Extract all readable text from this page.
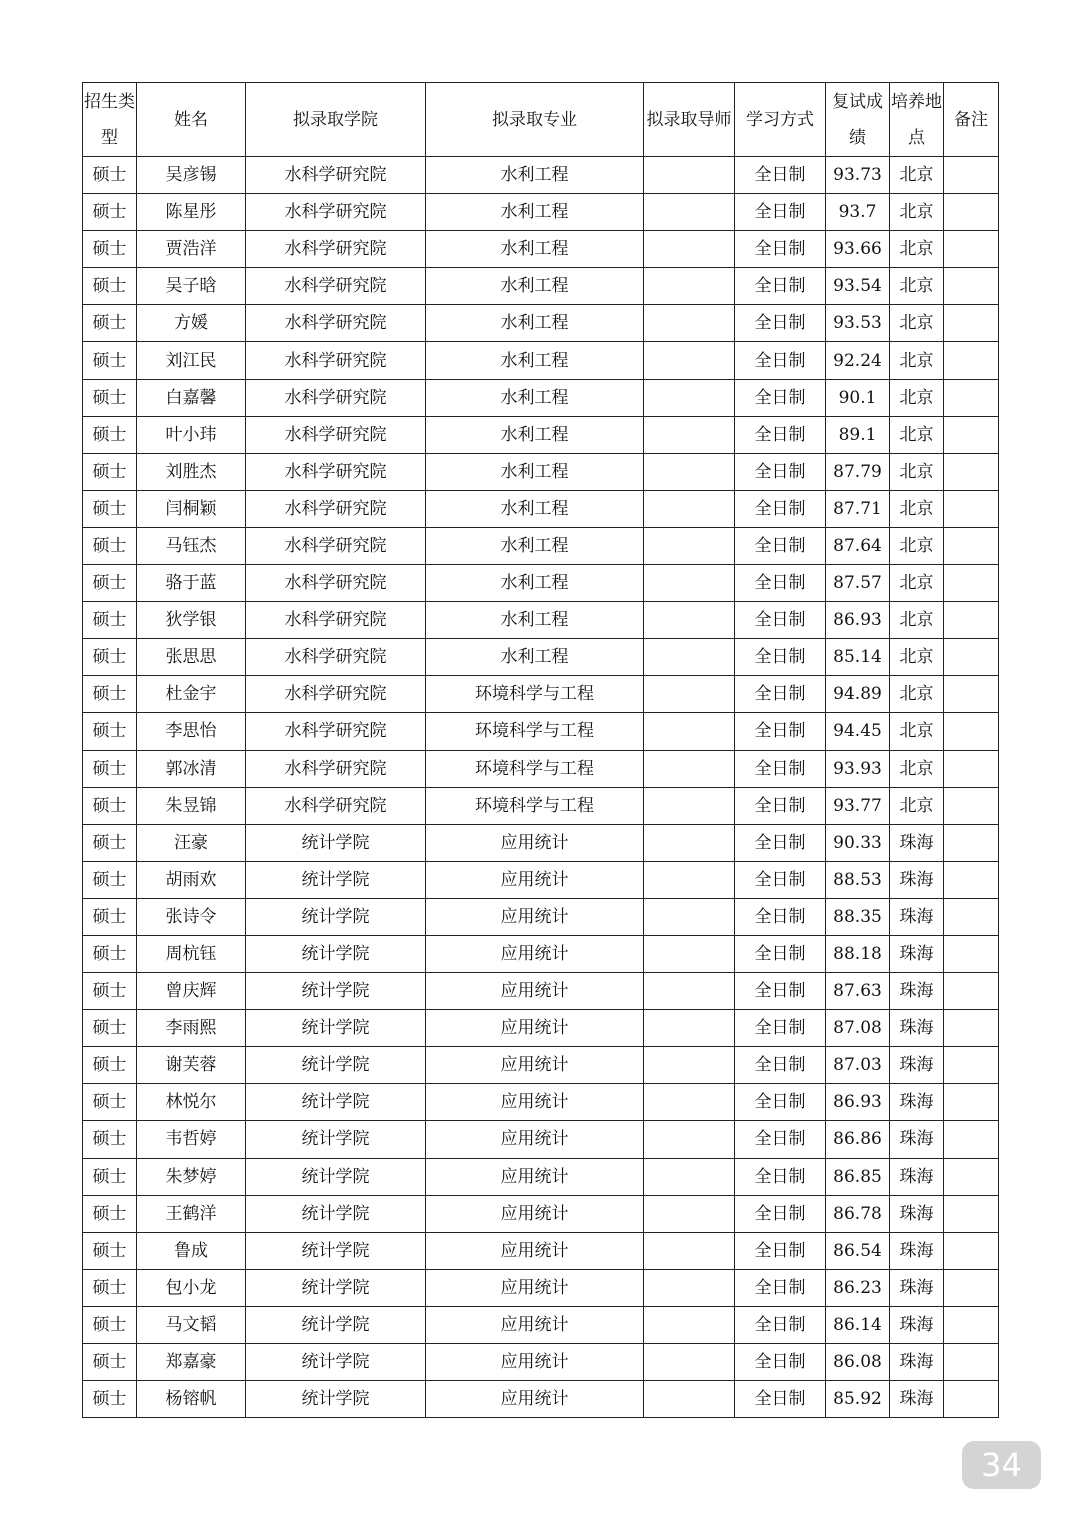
招生类型	姓名	拟录取学院	拟录取专业	拟录取导师	学习方式	复试成绩	培养地点	备注
硕士	吴彦锡	水科学研究院	水利工程		全日制	93.73	北京	
硕士	陈星彤	水科学研究院	水利工程		全日制	93.7	北京	
硕士	贾浩洋	水科学研究院	水利工程		全日制	93.66	北京	
硕士	吴子晗	水科学研究院	水利工程		全日制	93.54	北京	
硕士	方媛	水科学研究院	水利工程		全日制	93.53	北京	
硕士	刘江民	水科学研究院	水利工程		全日制	92.24	北京	
硕士	白嘉馨	水科学研究院	水利工程		全日制	90.1	北京	
硕士	叶小玮	水科学研究院	水利工程		全日制	89.1	北京	
硕士	刘胜杰	水科学研究院	水利工程		全日制	87.79	北京	
硕士	闫桐颖	水科学研究院	水利工程		全日制	87.71	北京	
硕士	马钰杰	水科学研究院	水利工程		全日制	87.64	北京	
硕士	骆于蓝	水科学研究院	水利工程		全日制	87.57	北京	
硕士	狄学银	水科学研究院	水利工程		全日制	86.93	北京	
硕士	张思思	水科学研究院	水利工程		全日制	85.14	北京	
硕士	杜金宇	水科学研究院	环境科学与工程		全日制	94.89	北京	
硕士	李思怡	水科学研究院	环境科学与工程		全日制	94.45	北京	
硕士	郭冰清	水科学研究院	环境科学与工程		全日制	93.93	北京	
硕士	朱昱锦	水科学研究院	环境科学与工程		全日制	93.77	北京	
硕士	汪豪	统计学院	应用统计		全日制	90.33	珠海	
硕士	胡雨欢	统计学院	应用统计		全日制	88.53	珠海	
硕士	张诗令	统计学院	应用统计		全日制	88.35	珠海	
硕士	周杭钰	统计学院	应用统计		全日制	88.18	珠海	
硕士	曾庆辉	统计学院	应用统计		全日制	87.63	珠海	
硕士	李雨熙	统计学院	应用统计		全日制	87.08	珠海	
硕士	谢芙蓉	统计学院	应用统计		全日制	87.03	珠海	
硕士	林悦尔	统计学院	应用统计		全日制	86.93	珠海	
硕士	韦哲婷	统计学院	应用统计		全日制	86.86	珠海	
硕士	朱梦婷	统计学院	应用统计		全日制	86.85	珠海	
硕士	王鹤洋	统计学院	应用统计		全日制	86.78	珠海	
硕士	鲁成	统计学院	应用统计		全日制	86.54	珠海	
硕士	包小龙	统计学院	应用统计		全日制	86.23	珠海	
硕士	马文韬	统计学院	应用统计		全日制	86.14	珠海	
硕士	郑嘉豪	统计学院	应用统计		全日制	86.08	珠海	
硕士	杨镕帆	统计学院	应用统计		全日制	85.92	珠海	
34
